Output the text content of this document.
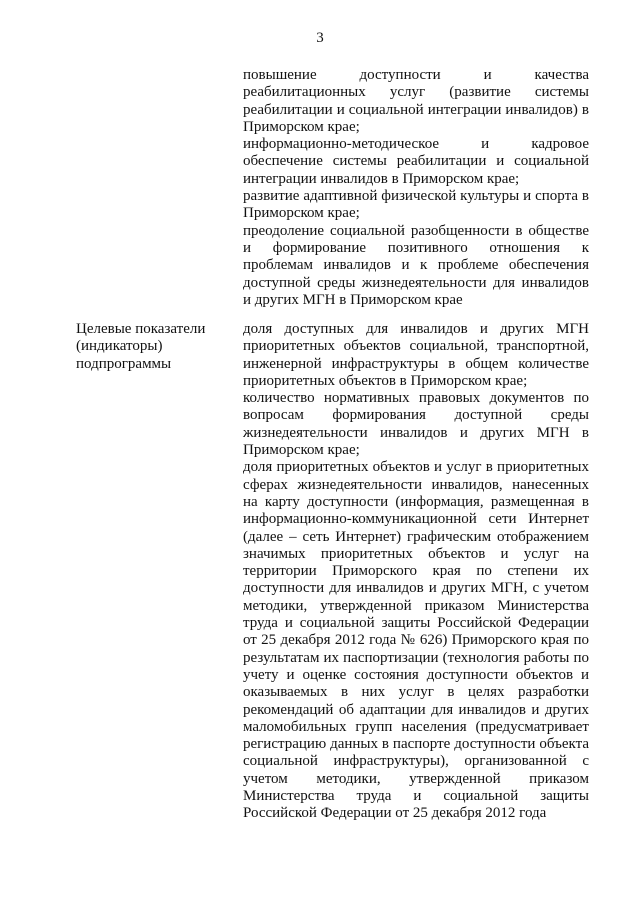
3

повышение доступности и качества реабилитационных услуг (развитие системы реабилитации и социальной интеграции инвалидов) в Приморском крае;

информационно-методическое и кадровое обеспечение системы реабилитации и социальной интеграции инвалидов в Приморском крае;

развитие адаптивной физической культуры и спорта в Приморском крае;

преодоление социальной разобщенности в обществе и формирование позитивного отношения к проблемам инвалидов и к проблеме обеспечения доступной среды жизнедеятельности для инвалидов и других МГН в Приморском крае

Целевые показатели
(индикаторы)
подпрограммы

доля доступных для инвалидов и других МГН приоритетных объектов социальной, транспортной, инженерной инфраструктуры в общем количестве приоритетных объектов в Приморском крае;

количество нормативных правовых документов по вопросам формирования доступной среды жизнедеятельности инвалидов и других МГН в Приморском крае;

доля приоритетных объектов и услуг в приоритетных сферах жизнедеятельности инвалидов, нанесенных на карту доступности (информация, размещенная в информационно-коммуникационной сети Интернет (далее – сеть Интернет) графическим отображением значимых приоритетных объектов и услуг на территории Приморского края по степени их доступности для инвалидов и других МГН, с учетом методики, утвержденной приказом Министерства труда и социальной защиты Российской Федерации от 25 декабря 2012 года № 626) Приморского края по результатам их паспортизации (технология работы по учету и оценке состояния доступности объектов и оказываемых в них услуг в целях разработки рекомендаций об адаптации для инвалидов и других маломобильных групп населения (предусматривает регистрацию данных в паспорте доступности объекта социальной инфраструктуры), организованной с учетом методики, утвержденной приказом Министерства труда и социальной защиты Российской Федерации от 25 декабря 2012 года
